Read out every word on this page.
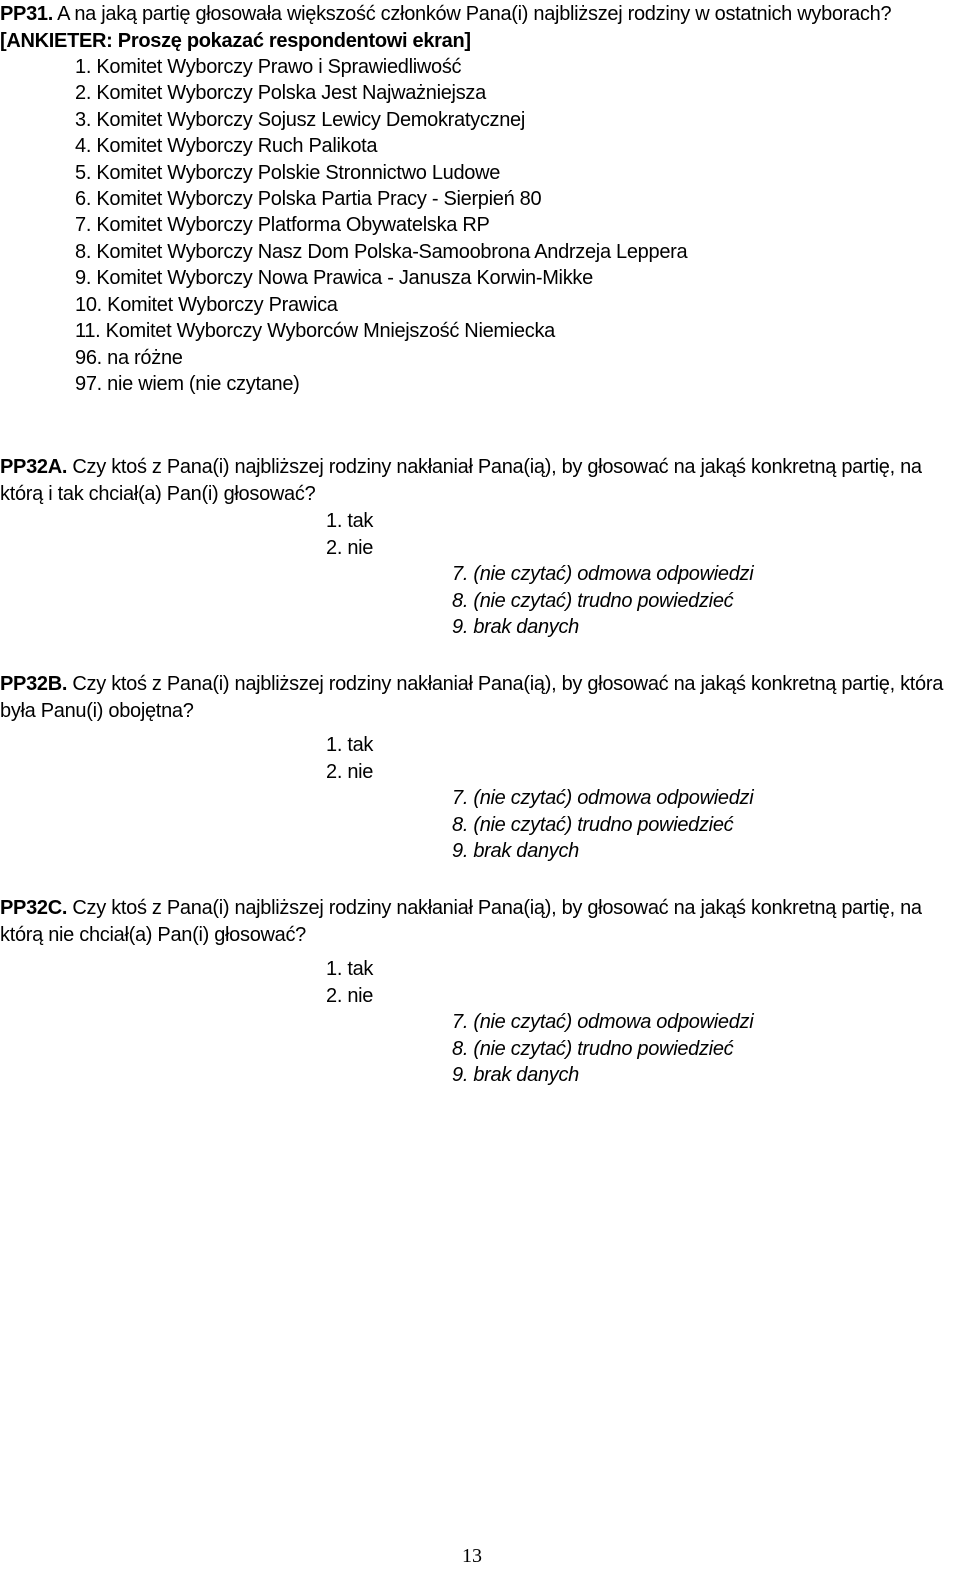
PP31. A na jaką partię głosowała większość członków Pana(i) najbliższej rodziny w ostatnich wyborach?
[ANKIETER: Proszę pokazać respondentowi ekran]
1. Komitet Wyborczy Prawo i Sprawiedliwość
2. Komitet Wyborczy Polska Jest Najważniejsza
3. Komitet Wyborczy Sojusz Lewicy Demokratycznej
4. Komitet Wyborczy Ruch Palikota
5. Komitet Wyborczy Polskie Stronnictwo Ludowe
6. Komitet Wyborczy Polska Partia Pracy - Sierpień 80
7. Komitet Wyborczy Platforma Obywatelska RP
8. Komitet Wyborczy Nasz Dom Polska-Samoobrona Andrzeja Leppera
9. Komitet Wyborczy Nowa Prawica - Janusza Korwin-Mikke
10. Komitet Wyborczy Prawica
11. Komitet Wyborczy Wyborców Mniejszość Niemiecka
96. na różne
97. nie wiem (nie czytane)
PP32A. Czy ktoś z Pana(i) najbliższej rodziny nakłaniał Pana(ią), by głosować na jakąś konkretną partię, na którą i tak chciał(a) Pan(i) głosować?
1. tak
2. nie
7. (nie czytać) odmowa odpowiedzi
8. (nie czytać) trudno powiedzieć
9. brak danych
PP32B. Czy ktoś z Pana(i) najbliższej rodziny nakłaniał Pana(ią), by głosować na jakąś konkretną partię, która była Panu(i) obojętna?
1. tak
2. nie
7. (nie czytać) odmowa odpowiedzi
8. (nie czytać) trudno powiedzieć
9. brak danych
PP32C. Czy ktoś z Pana(i) najbliższej rodziny nakłaniał Pana(ią), by głosować na jakąś konkretną partię, na którą nie chciał(a) Pan(i) głosować?
1. tak
2. nie
7. (nie czytać) odmowa odpowiedzi
8. (nie czytać) trudno powiedzieć
9. brak danych
13
